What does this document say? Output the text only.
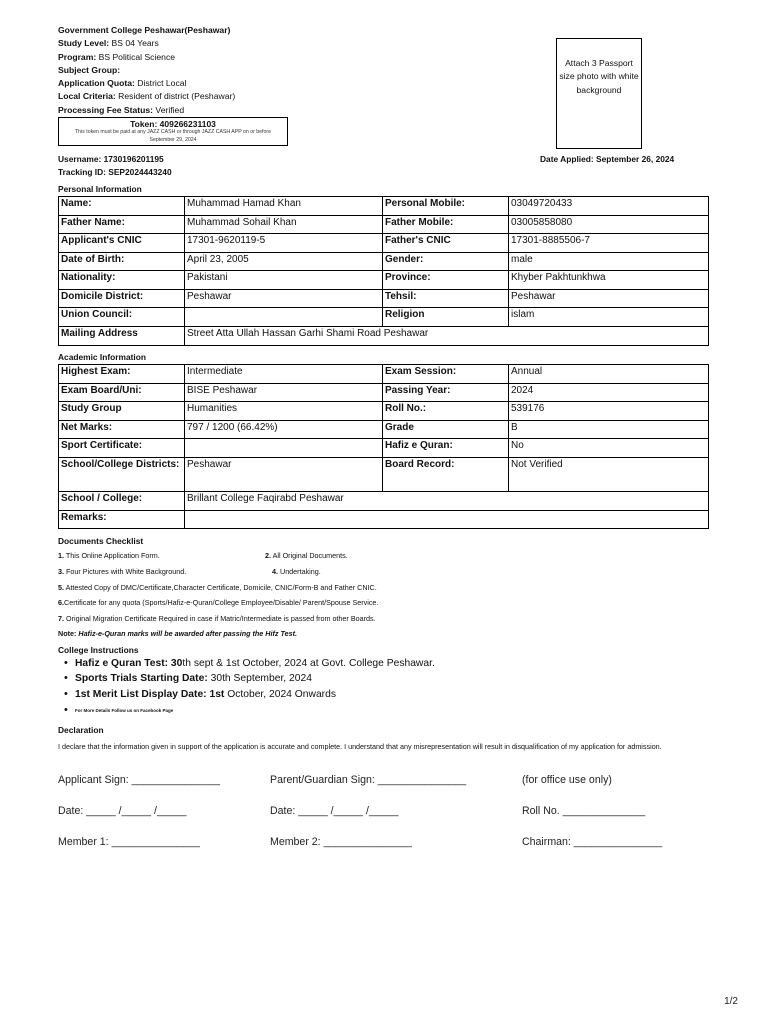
Government College Peshawar(Peshawar)
Study Level: BS 04 Years
Program: BS Political Science
Subject Group:
Application Quota: District Local
Local Criteria: Resident of district (Peshawar)
Processing Fee Status: Verified
Token: 409266231103
This token must be paid at any JAZZ CASH or through JAZZ CASH APP on or before September 29, 2024
Attach 3 Passport size photo with white background
Username: 1730196201195
Tracking ID: SEP2024443240
Date Applied: September 26, 2024
Personal Information
Name:	Muhammad Hamad Khan	Personal Mobile:	03049720433
Father Name:	Muhammad Sohail Khan	Father Mobile:	03005858080
Applicant's CNIC	17301-9620119-5	Father's CNIC	17301-8885506-7
Date of Birth:	April 23, 2005	Gender:	male
Nationality:	Pakistani	Province:	Khyber Pakhtunkhwa
Domicile District:	Peshawar	Tehsil:	Peshawar
Union Council:		Religion	islam
Mailing Address	Street Atta Ullah Hassan Garhi Shami Road Peshawar		
Academic Information
Highest Exam:	Intermediate	Exam Session:	Annual
Exam Board/Uni:	BISE Peshawar	Passing Year:	2024
Study Group	Humanities	Roll No.:	539176
Net Marks:	797 / 1200 (66.42%)	Grade	B
Sport Certificate:		Hafiz e Quran:	No
School/College Districts:	Peshawar	Board Record:	Not Verified
School / College:	Brillant College Faqirabd Peshawar		
Remarks:			
Documents Checklist
1. This Online Application Form.	2. All Original Documents.
3. Four Pictures with White Background.	4. Undertaking.
5. Attested Copy of DMC/Certificate,Character Certificate, Domicile, CNIC/Form-B and Father CNIC.
6.Certificate for any quota (Sports/Hafiz-e-Quran/College Employee/Disable/ Parent/Spouse Service.
7. Original Migration Certificate Required in case if Matric/Intermediate is passed from other Boards.
Note: Hafiz-e-Quran marks will be awarded after passing the Hifz Test.
College Instructions
• Hafiz e Quran Test: 30th sept & 1st October, 2024 at Govt. College Peshawar.
• Sports Trials Starting Date: 30th September, 2024
• 1st Merit List Display Date: 1st October, 2024 Onwards
• For More Details Follow us on Facebook Page
Declaration
I declare that the information given in support of the application is accurate and complete. I understand that any misrepresentation will result in disqualification of my application for admission.
Applicant Sign: _______________	Parent/Guardian Sign: _______________	(for office use only)
Date: _____ /_____ /_____	Date: _____ /_____ /_____	Roll No. ______________
Member 1: _______________	Member 2: _______________	Chairman: _______________
1/2
